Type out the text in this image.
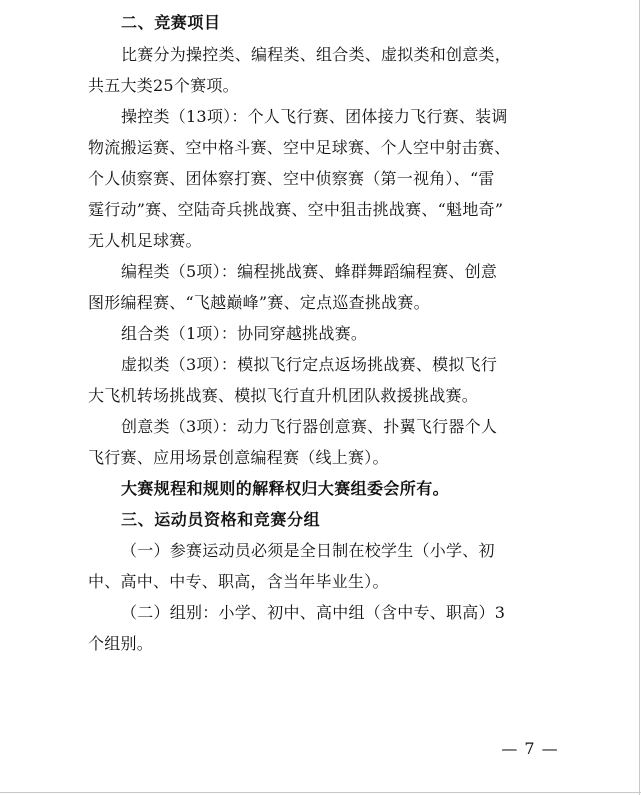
二、竞赛项目
比赛分为操控类、编程类、组合类、虚拟类和创意类，
共五大类25个赛项。
操控类（13项）：个人飞行赛、团体接力飞行赛、装调
物流搬运赛、空中格斗赛、空中足球赛、个人空中射击赛、
个人侦察赛、团体察打赛、空中侦察赛（第一视角）、“雷
霆行动”赛、空陆奇兵挑战赛、空中狙击挑战赛、“魁地奇”
无人机足球赛。
编程类（5项）：编程挑战赛、蜂群舞蹈编程赛、创意
图形编程赛、“飞越巅峰”赛、定点巡查挑战赛。
组合类（1项）：协同穿越挑战赛。
虚拟类（3项）：模拟飞行定点返场挑战赛、模拟飞行
大飞机转场挑战赛、模拟飞行直升机团队救援挑战赛。
创意类（3项）：动力飞行器创意赛、扑翼飞行器个人
飞行赛、应用场景创意编程赛（线上赛）。
大赛规程和规则的解释权归大赛组委会所有。
三、运动员资格和竞赛分组
（一）参赛运动员必须是全日制在校学生（小学、初
中、高中、中专、职高，含当年毕业生）。
（二）组别：小学、初中、高中组（含中专、职高）3
个组别。
— 7 —
